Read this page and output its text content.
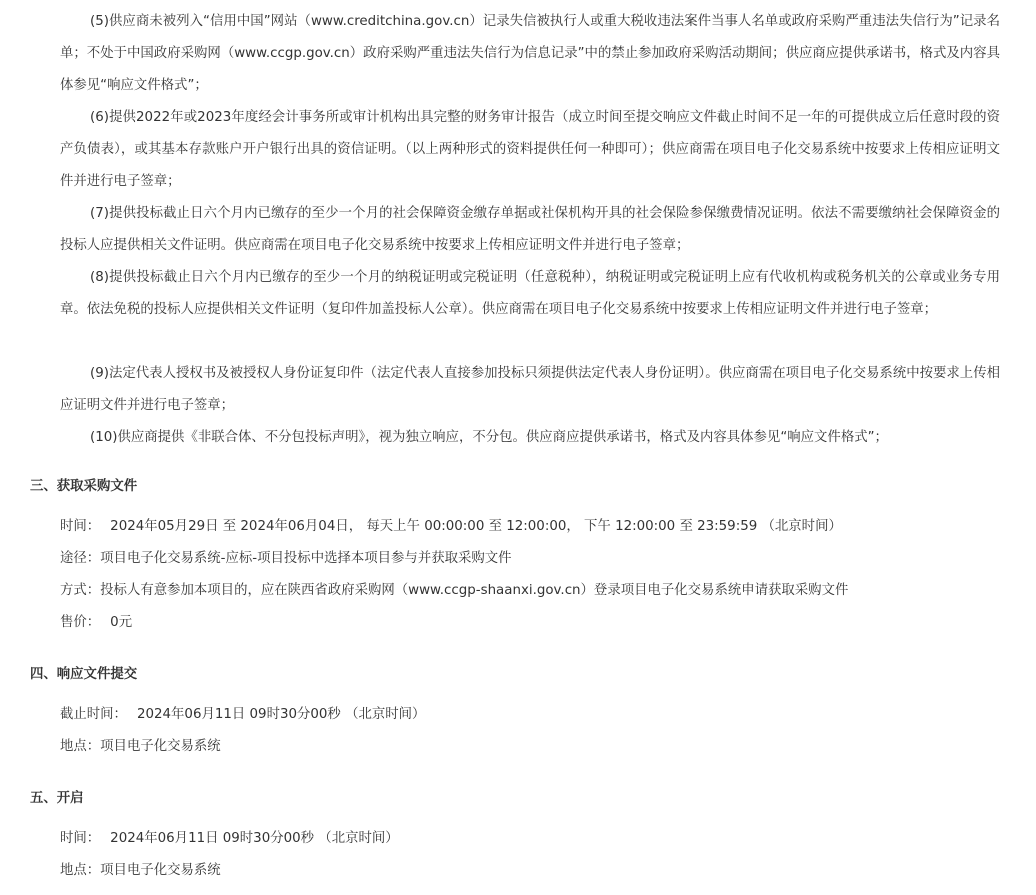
(5)供应商未被列入“信用中国”网站（www.creditchina.gov.cn）记录失信被执行人或重大税收违法案件当事人名单或政府采购严重违法失信行为”记录名单；不处于中国政府采购网（www.ccgp.gov.cn）政府采购严重违法失信行为信息记录”中的禁止参加政府采购活动期间；供应商应提供承诺书，格式及内容具体参见“响应文件格式”；

(6)提供2022年或2023年度经会计事务所或审计机构出具完整的财务审计报告（成立时间至提交响应文件截止时间不足一年的可提供成立后任意时段的资产负债表），或其基本存款账户开户银行出具的资信证明。（以上两种形式的资料提供任何一种即可）；供应商需在项目电子化交易系统中按要求上传相应证明文件并进行电子签章；

(7)提供投标截止日六个月内已缴存的至少一个月的社会保障资金缴存单据或社保机构开具的社会保险参保缴费情况证明。依法不需要缴纳社会保障资金的投标人应提供相关文件证明。供应商需在项目电子化交易系统中按要求上传相应证明文件并进行电子签章；

(8)提供投标截止日六个月内已缴存的至少一个月的纳税证明或完税证明（任意税种），纳税证明或完税证明上应有代收机构或税务机关的公章或业务专用章。依法免税的投标人应提供相关文件证明（复印件加盖投标人公章）。供应商需在项目电子化交易系统中按要求上传相应证明文件并进行电子签章；

(9)法定代表人授权书及被授权人身份证复印件（法定代表人直接参加投标只须提供法定代表人身份证明）。供应商需在项目电子化交易系统中按要求上传相应证明文件并进行电子签章；

(10)供应商提供《非联合体、不分包投标声明》，视为独立响应，不分包。供应商应提供承诺书，格式及内容具体参见“响应文件格式”；

三、获取采购文件
时间： 2024年05月29日 至 2024年06月04日， 每天上午 00:00:00 至 12:00:00， 下午 12:00:00 至 23:59:59 （北京时间）
途径：项目电子化交易系统-应标-项目投标中选择本项目参与并获取采购文件
方式：投标人有意参加本项目的，应在陕西省政府采购网（www.ccgp-shaanxi.gov.cn）登录项目电子化交易系统申请获取采购文件
售价： 0元
四、响应文件提交
截止时间： 2024年06月11日 09时30分00秒 （北京时间）
地点：项目电子化交易系统
五、开启
时间： 2024年06月11日 09时30分00秒 （北京时间）
地点：项目电子化交易系统
